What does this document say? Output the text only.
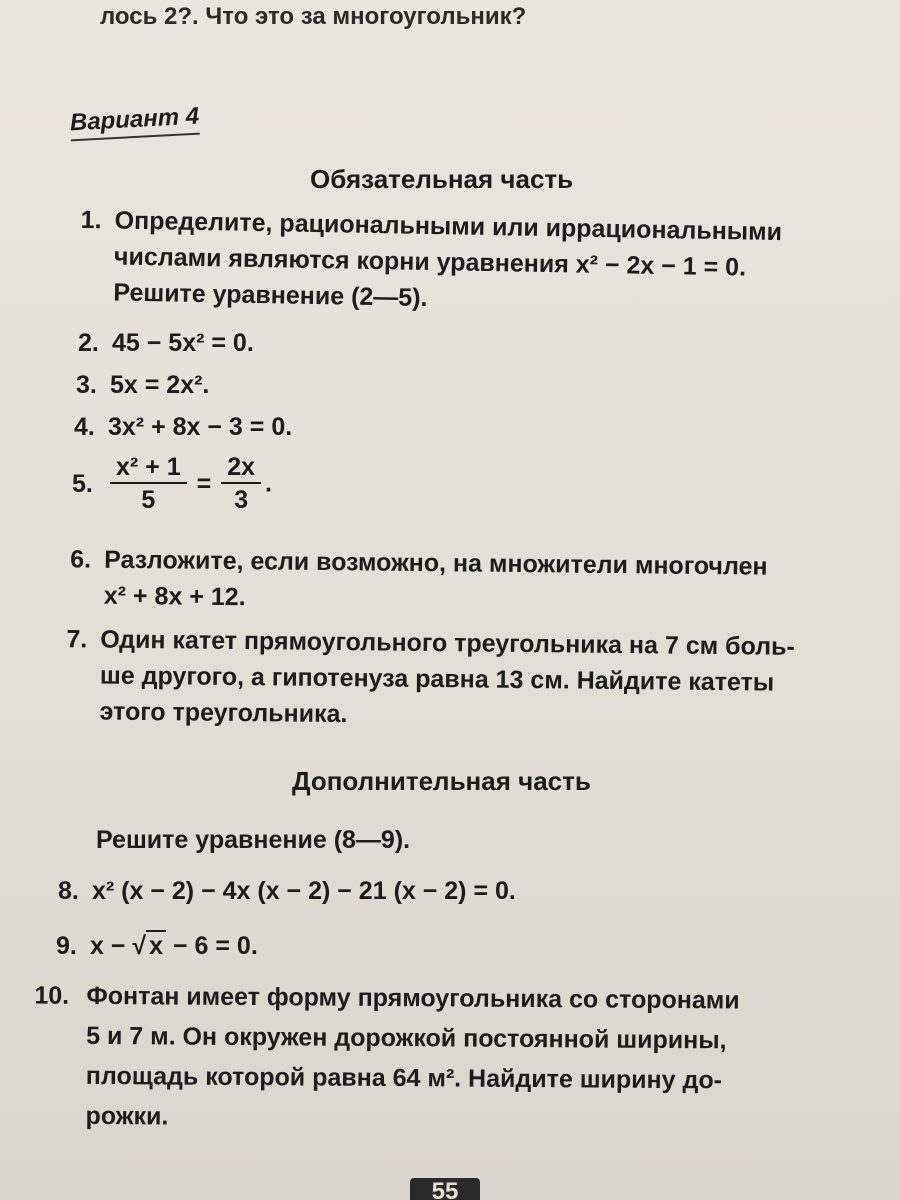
лось 2?. Что это за многоугольник?
Вариант 4
Обязательная часть
1. Определите, рациональными или иррациональными
числами являются корни уравнения x² − 2x − 1 = 0.
Решите уравнение (2—5).
2. 45 − 5x² = 0.
3. 5x = 2x².
4. 3x² + 8x − 3 = 0.
5. $\frac{\text{x² + 1}}{5} = \frac{2x}{3}$ .
6. Разложите, если возможно, на множители многочлен
x² + 8x + 12.
7. Один катет прямоугольного треугольника на 7 см боль-
ше другого, а гипотенуза равна 13 см. Найдите катеты
этого треугольника.
Дополнительная часть
Решите уравнение (8—9).
8. x² (x − 2) − 4x (x − 2) − 21 (x − 2) = 0.
9. x − √ x − 6 = 0.
10. Фонтан имеет форму прямоугольника со сторонами
5 и 7 м. Он окружен дорожкой постоянной ширины,
площадь которой равна 64 м². Найдите ширину до-
рожки.
55
